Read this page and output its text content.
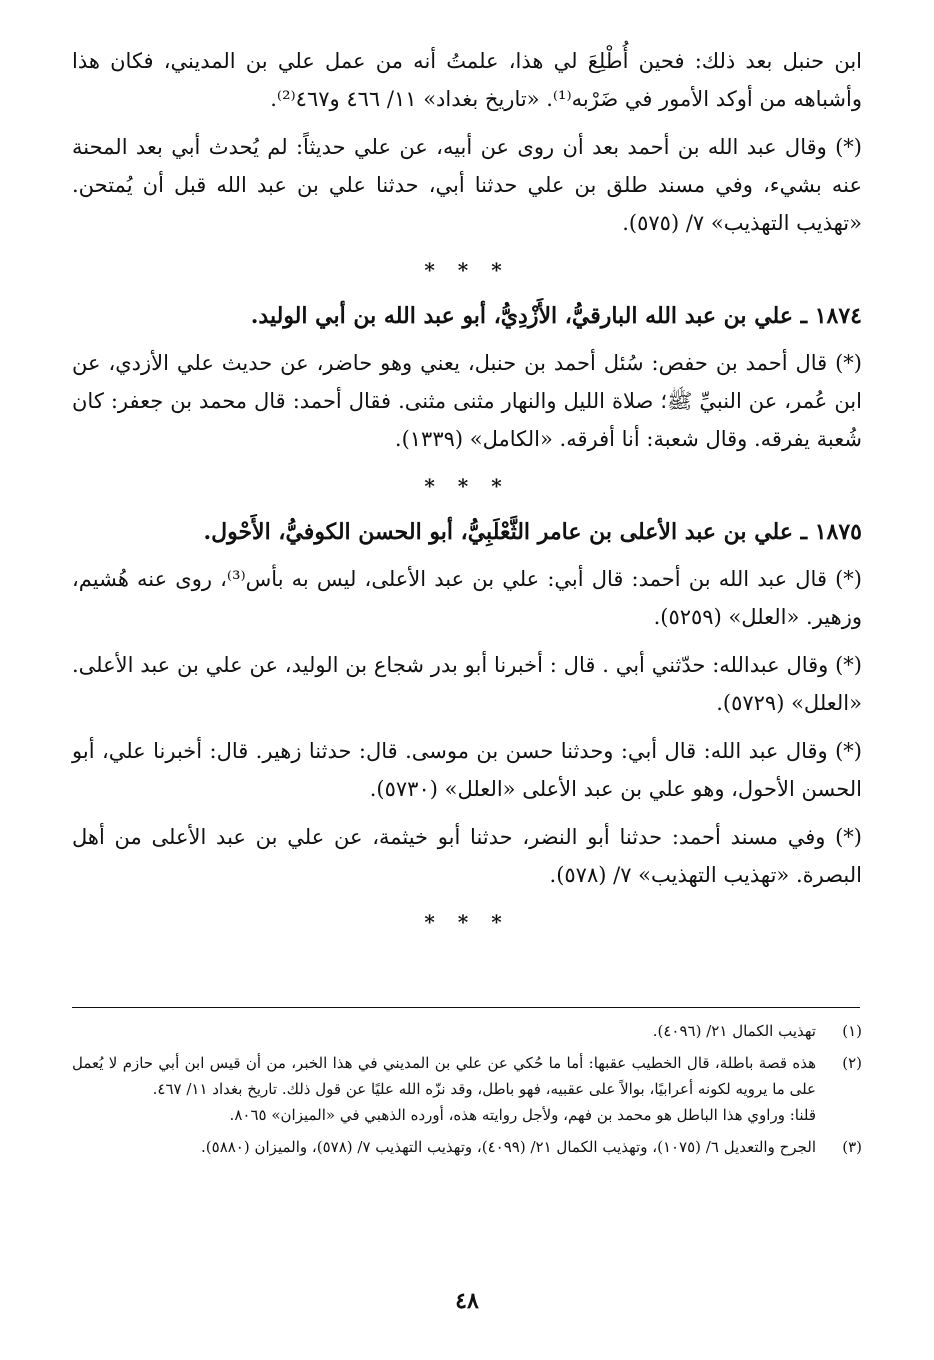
ابن حنبل بعد ذلك: فحين أُطْلِعَ لي هذا، علمتُ أنه من عمل علي بن المديني، فكان هذا وأشباهه من أوكد الأمور في ضَرْبه⁽¹⁾. «تاريخ بغداد» ١١/ ٤٦٦ و٤٦٧⁽²⁾.

(*) وقال عبد الله بن أحمد بعد أن روى عن أبيه، عن علي حديثاً: لم يُحدث أبي بعد المحنة عنه بشيء، وفي مسند طلق بن علي حدثنا أبي، حدثنا علي بن عبد الله قبل أن يُمتحن. «تهذيب التهذيب» ٧/ (٥٧٥).

* * *
١٨٧٤ ـ علي بن عبد الله البارقيُّ، الأَزْدِيُّ، أبو عبد الله بن أبي الوليد.

(*) قال أحمد بن حفص: سُئل أحمد بن حنبل، يعني وهو حاضر، عن حديث علي الأزدي، عن ابن عُمر، عن النبيِّ ﷺ؛ صلاة الليل والنهار مثنى مثنى. فقال أحمد: قال محمد بن جعفر: كان شُعبة يفرقه. وقال شعبة: أنا أفرقه. «الكامل» (١٣٣٩).

* * *
١٨٧٥ ـ علي بن عبد الأعلى بن عامر الثَّعْلَبِيُّ، أبو الحسن الكوفيُّ، الأَحْول.

(*) قال عبد الله بن أحمد: قال أبي: علي بن عبد الأعلى، ليس به بأس⁽³⁾، روى عنه هُشيم، وزهير. «العلل» (٥٢٥٩).

(*) وقال عبدالله: حدّثني أبي . قال : أخبرنا أبو بدر شجاع بن الوليد، عن علي بن عبد الأعلى. «العلل» (٥٧٢٩).

(*) وقال عبد الله: قال أبي: وحدثنا حسن بن موسى. قال: حدثنا زهير. قال: أخبرنا علي، أبو الحسن الأحول، وهو علي بن عبد الأعلى «العلل» (٥٧٣٠).

(*) وفي مسند أحمد: حدثنا أبو النضر، حدثنا أبو خيثمة، عن علي بن عبد الأعلى من أهل البصرة. «تهذيب التهذيب» ٧/ (٥٧٨).

* * *
(١)

تهذيب الكمال ٢١/ (٤٠٩٦).

(٢)

هذه قصة باطلة، قال الخطيب عقبها: أما ما حُكي عن علي بن المديني في هذا الخبر، من أن قيس ابن أبي حازم لا يُعمل على ما يرويه لكونه أعرابيًا، بوالاً على عقبيه، فهو باطل، وقد نزّه الله عليًا عن قول ذلك. تاريخ بغداد ١١/ ٤٦٧.

قلنا: وراوي هذا الباطل هو محمد بن فهم، ولأجل روايته هذه، أورده الذهبي في «الميزان» ٨٠٦٥.

(٣)

الجرح والتعديل ٦/ (١٠٧٥)، وتهذيب الكمال ٢١/ (٤٠٩٩)، وتهذيب التهذيب ٧/ (٥٧٨)، والميزان (٥٨٨٠).

٤٨
